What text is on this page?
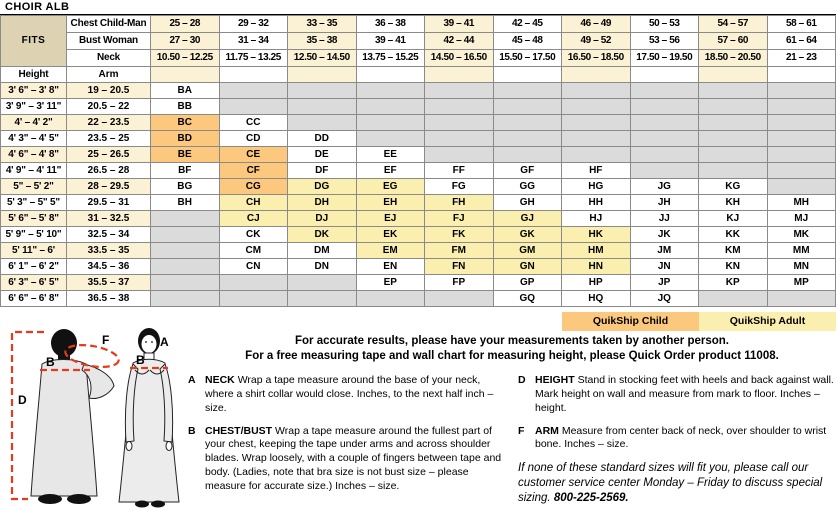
CHOIR ALB
FITS	Chest Child-Man	25 – 28	29 – 32	33 – 35	36 – 38	39 – 41	42 – 45	46 – 49	50 – 53	54 – 57	58 – 61
	Bust Woman	27 – 30	31 – 34	35 – 38	39 – 41	42 – 44	45 – 48	49 – 52	53 – 56	57 – 60	61 – 64
	Neck	10.50 – 12.25	11.75 – 13.25	12.50 – 14.50	13.75 – 15.25	14.50 – 16.50	15.50 – 17.50	16.50 – 18.50	17.50 – 19.50	18.50 – 20.50	21 – 23
Height	Arm										
3' 6" – 3' 8"	19 – 20.5	BA									
3' 9" – 3' 11"	20.5 – 22	BB									
4' – 4' 2"	22 – 23.5	BC	CC								
4' 3" – 4' 5"	23.5 – 25	BD	CD	DD							
4' 6" – 4' 8"	25 – 26.5	BE	CE	DE	EE						
4' 9" – 4' 11"	26.5 – 28	BF	CF	DF	EF	FF	GF	HF			
5" – 5' 2"	28 – 29.5	BG	CG	DG	EG	FG	GG	HG	JG	KG	
5' 3" – 5" 5"	29.5 – 31	BH	CH	DH	EH	FH	GH	HH	JH	KH	MH
5' 6" – 5' 8"	31 – 32.5		CJ	DJ	EJ	FJ	GJ	HJ	JJ	KJ	MJ
5' 9" – 5' 10"	32.5 – 34		CK	DK	EK	FK	GK	HK	JK	KK	MK
5' 11" – 6'	33.5 – 35		CM	DM	EM	FM	GM	HM	JM	KM	MM
6' 1" – 6' 2"	34.5 – 36		CN	DN	EN	FN	GN	HN	JN	KN	MN
6' 3" – 6' 5"	35.5 – 37				EP	FP	GP	HP	JP	KP	MP
6' 6" – 6' 8"	36.5 – 38						GQ	HQ	JQ		
QuikShip Child	QuikShip Adult
D
B
F
B
A	For accurate results, please have your measurements taken by another person.
For a free measuring tape and wall chart for measuring height, please Quick Order product 11008.
A NECK Wrap a tape measure around the base of your neck, where a shirt collar would close. Inches, to the next half inch – size.
B CHEST/BUST Wrap a tape measure around the fullest part of your chest, keeping the tape under arms and across shoulder blades. Wrap loosely, with a couple of fingers between tape and body. (Ladies, note that bra size is not bust size – please measure for accurate size.) Inches – size.
D HEIGHT Stand in stocking feet with heels and back against wall. Mark height on wall and measure from mark to floor. Inches – height.
F	ARM Measure from center back of neck, over shoulder to wrist bone. Inches – size.
If none of these standard sizes will fit you, please call our customer service center Monday – Friday to discuss special sizing. 800-225-2569.
